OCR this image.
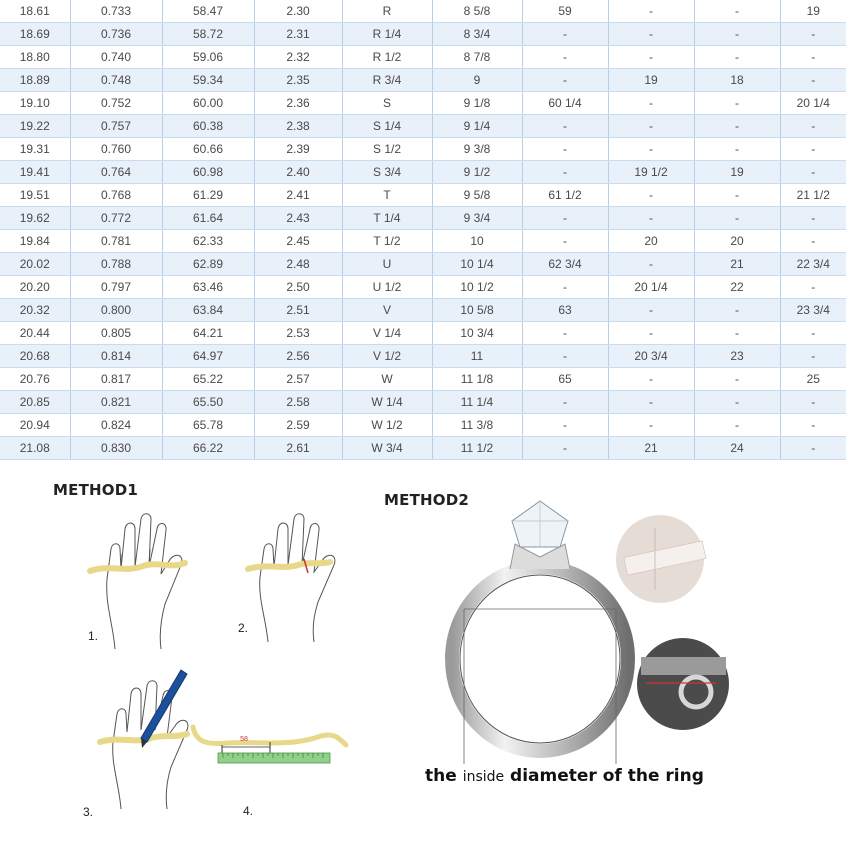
18.61	0.733	58.47	2.30	R	8 5/8	59	-	-	19
18.69	0.736	58.72	2.31	R 1/4	8 3/4	-	-	-	-
18.80	0.740	59.06	2.32	R 1/2	8 7/8	-	-	-	-
18.89	0.748	59.34	2.35	R 3/4	9	-	19	18	-
19.10	0.752	60.00	2.36	S	9 1/8	60 1/4	-	-	20 1/4
19.22	0.757	60.38	2.38	S 1/4	9 1/4	-	-	-	-
19.31	0.760	60.66	2.39	S 1/2	9 3/8	-	-	-	-
19.41	0.764	60.98	2.40	S 3/4	9 1/2	-	19 1/2	19	-
19.51	0.768	61.29	2.41	T	9 5/8	61 1/2	-	-	21 1/2
19.62	0.772	61.64	2.43	T 1/4	9 3/4	-	-	-	-
19.84	0.781	62.33	2.45	T 1/2	10	-	20	20	-
20.02	0.788	62.89	2.48	U	10 1/4	62 3/4	-	21	22 3/4
20.20	0.797	63.46	2.50	U 1/2	10 1/2	-	20 1/4	22	-
20.32	0.800	63.84	2.51	V	10 5/8	63	-	-	23 3/4
20.44	0.805	64.21	2.53	V 1/4	10 3/4	-	-	-	-
20.68	0.814	64.97	2.56	V 1/2	11	-	20 3/4	23	-
20.76	0.817	65.22	2.57	W	11 1/8	65	-	-	25
20.85	0.821	65.50	2.58	W 1/4	11 1/4	-	-	-	-
20.94	0.824	65.78	2.59	W 1/2	11 3/8	-	-	-	-
21.08	0.830	66.22	2.61	W 3/4	11 1/2	-	21	24	-
METHOD1
METHOD2
1.
2.
3.
58
4.
the inside diameter of the ring
